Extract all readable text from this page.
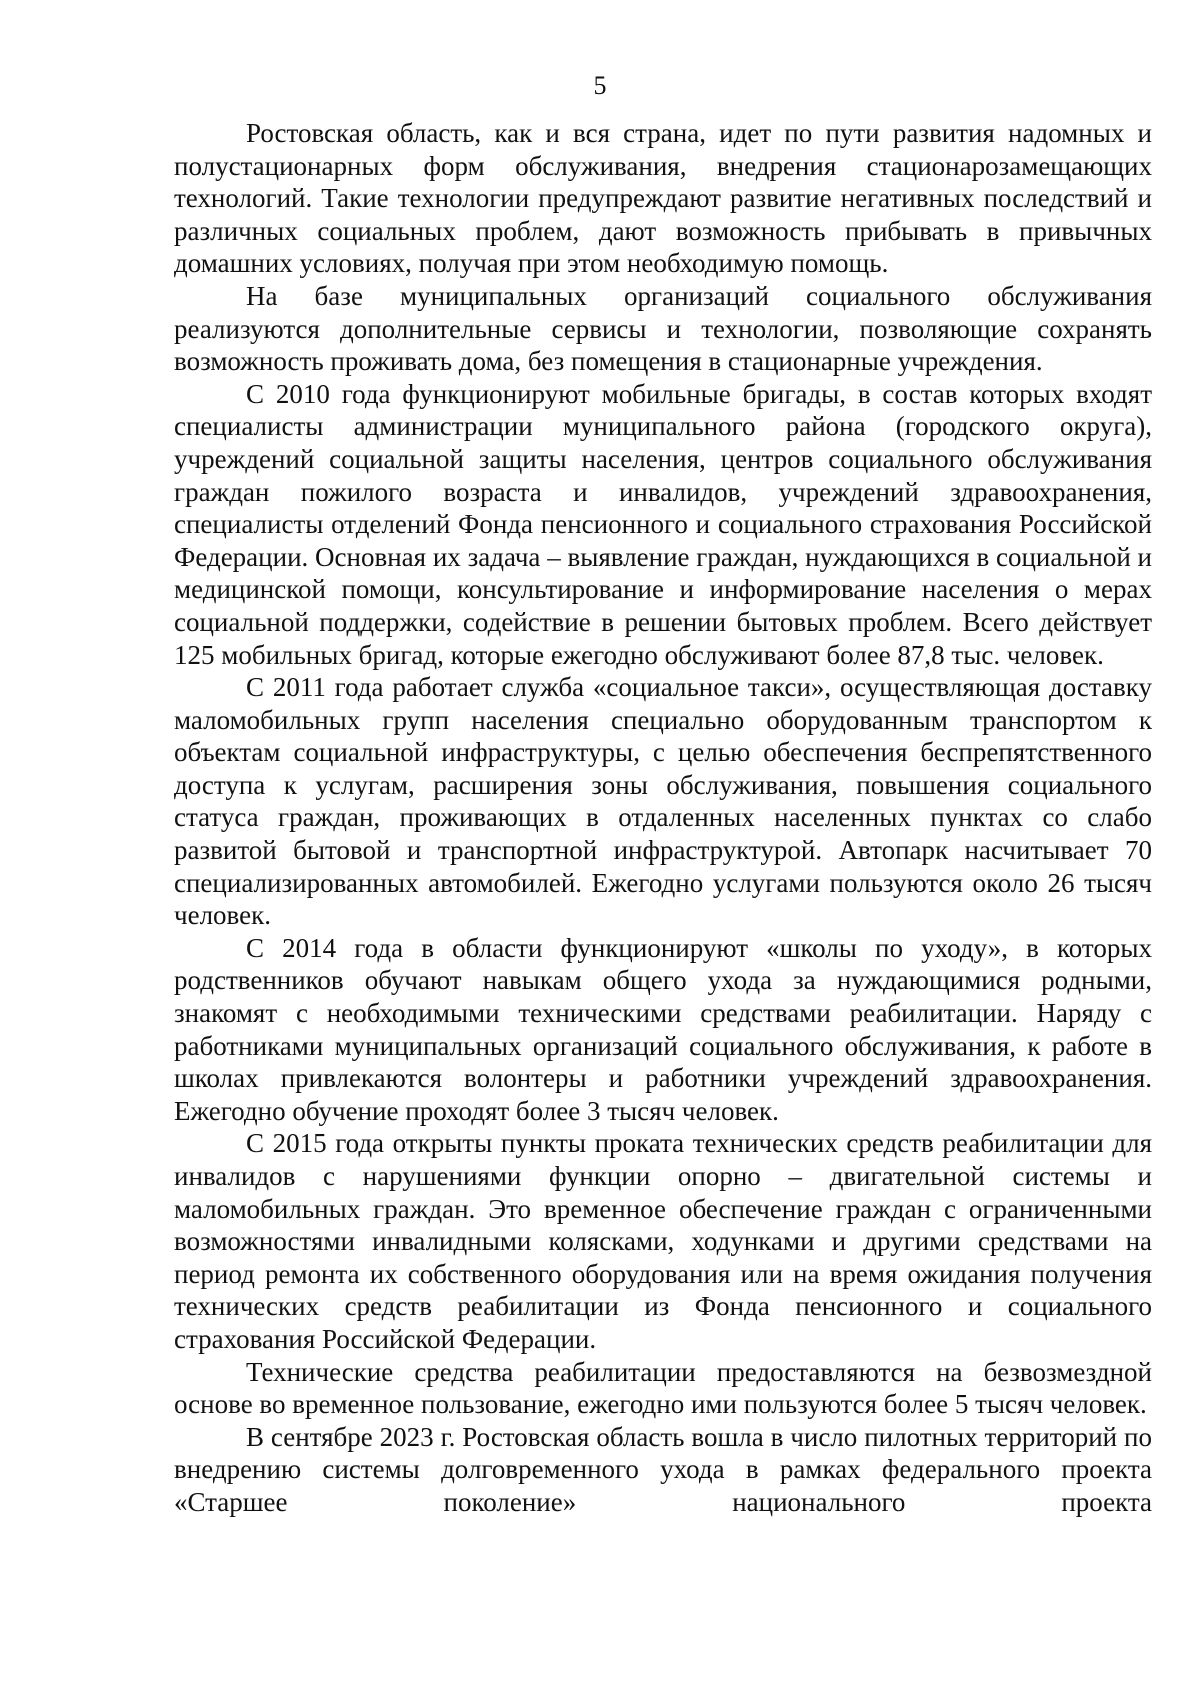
5

Ростовская область, как и вся страна, идет по пути развития надомных и полустационарных форм обслуживания, внедрения стационарозамещающих технологий. Такие технологии предупреждают развитие негативных последствий и различных социальных проблем, дают возможность прибывать в привычных домашних условиях, получая при этом необходимую помощь.

На базе муниципальных организаций социального обслуживания реализуются дополнительные сервисы и технологии, позволяющие сохранять возможность проживать дома, без помещения в стационарные учреждения.

С 2010 года функционируют мобильные бригады, в состав которых входят специалисты администрации муниципального района (городского округа), учреждений социальной защиты населения, центров социального обслуживания граждан пожилого возраста и инвалидов, учреждений здравоохранения, специалисты отделений Фонда пенсионного и социального страхования Российской Федерации. Основная их задача – выявление граждан, нуждающихся в социальной и медицинской помощи, консультирование и информирование населения о мерах социальной поддержки, содействие в решении бытовых проблем. Всего действует 125 мобильных бригад, которые ежегодно обслуживают более 87,8 тыс. человек.

С 2011 года работает служба «социальное такси», осуществляющая доставку маломобильных групп населения специально оборудованным транспортом к объектам социальной инфраструктуры, с целью обеспечения беспрепятственного доступа к услугам, расширения зоны обслуживания, повышения социального статуса граждан, проживающих в отдаленных населенных пунктах со слабо развитой бытовой и транспортной инфраструктурой. Автопарк насчитывает 70 специализированных автомобилей. Ежегодно услугами пользуются около 26 тысяч человек.

С 2014 года в области функционируют «школы по уходу», в которых родственников обучают навыкам общего ухода за нуждающимися родными, знакомят с необходимыми техническими средствами реабилитации. Наряду с работниками муниципальных организаций социального обслуживания, к работе в школах привлекаются волонтеры и работники учреждений здравоохранения. Ежегодно обучение проходят более 3 тысяч человек.

С 2015 года открыты пункты проката технических средств реабилитации для инвалидов с нарушениями функции опорно – двигательной системы и маломобильных граждан. Это временное обеспечение граждан с ограниченными возможностями инвалидными колясками, ходунками и другими средствами на период ремонта их собственного оборудования или на время ожидания получения технических средств реабилитации из Фонда пенсионного и социального страхования Российской Федерации.

Технические средства реабилитации предоставляются на безвозмездной основе во временное пользование, ежегодно ими пользуются более 5 тысяч человек.

В сентябре 2023 г. Ростовская область вошла в число пилотных территорий по внедрению системы долговременного ухода в рамках федерального проекта «Старшее поколение» национального проекта
